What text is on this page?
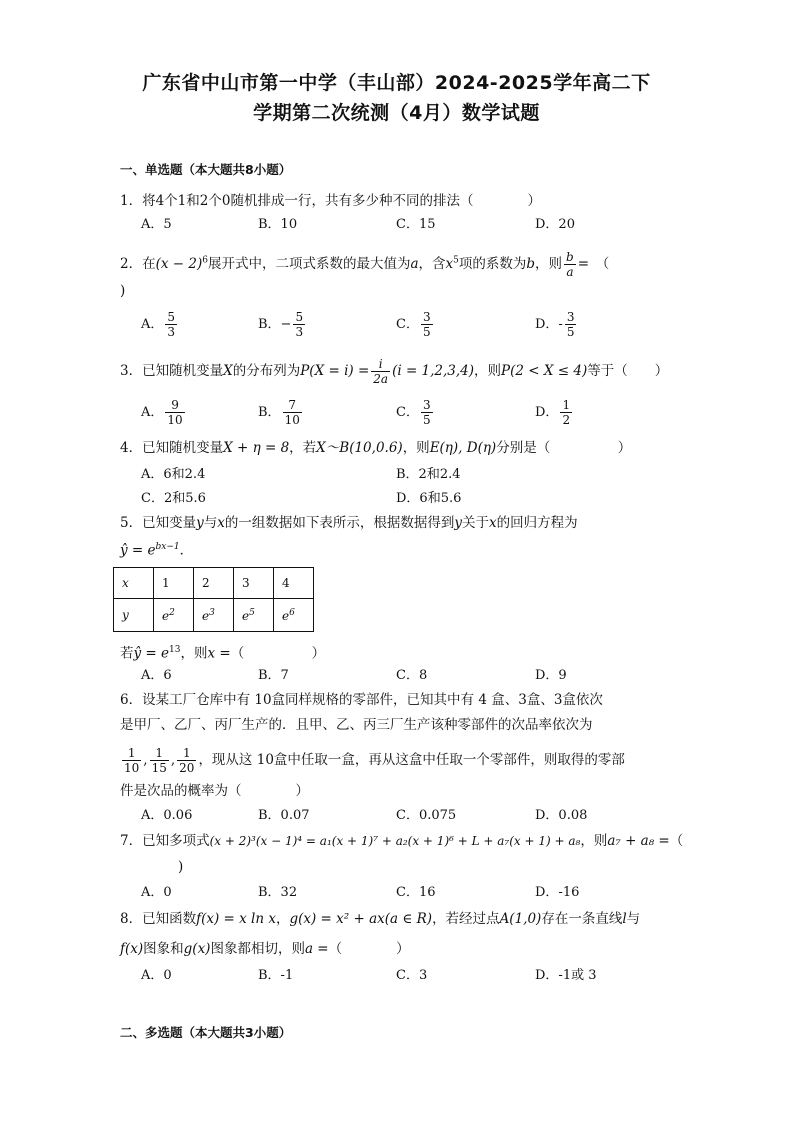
广东省中山市第一中学（丰山部）2024-2025学年高二下
学期第二次统测（4月）数学试题
一、单选题（本大题共8小题）
1．将4个1和2个0随机排成一行，共有多少种不同的排法（　　　　）
A．5	B．10	C．15	D．20
2．在$(x - 2)^6$展开式中，二项式系数的最大值为a，含$x^5$项的系数为b，则 $\frac{b}{a}$ =　（
)
A． $\frac{5}{3}$	B．− $\frac{5}{3}$	C． $\frac{3}{5}$	D．- $\frac{3}{5}$
3．已知随机变量X的分布列为$P(X = i) = \frac{i}{2a} (i = 1,2,3,4)$，则P(2 < X ≤ 4)等于（　　）
A． $\frac{9}{10}$	B． $\frac{7}{10}$	C． $\frac{3}{5}$	D． $\frac{1}{2}$
4．已知随机变量X + η = 8，若X～B(10,0.6)，则E(η), D(η)分别是（　　　　　）
A．6和2.4	B．2和2.4
C．2和5.6	D．6和5.6
5．已知变量y与x的一组数据如下表所示，根据数据得到y关于x的回归方程为
ŷ = $e^{bx-1}$．
x	1	2	3	4
y	$e^2$	$e^3$	$e^5$	$e^6$
若ŷ = $e^{13}$，则x =（　　　　　）
A．6	B．7	C．8	D．9
6．设某工厂仓库中有 10盒同样规格的零部件，已知其中有 4 盒、3盒、3盒依次
是甲厂、乙厂、丙厂生产的．且甲、乙、丙三厂生产该种零部件的次品率依次为
$\frac{1}{10}$ , $\frac{1}{15}$ , $\frac{1}{20}$ ，现从这 10盒中任取一盒，再从这盒中任取一个零部件，则取得的零部
件是次品的概率为（　　　　）
A．0.06	B．0.07	C．0.075	D．0.08
7．已知多项式(x + 2)³(x − 1)⁴ = a₁(x + 1)⁷ + a₂(x + 1)⁶ + L + a₇(x + 1) + a₈，则a₇ + a₈ =（
)
A．0	B．32	C．16	D．-16
8．已知函数f(x) = x ln x，g(x) = x² + ax(a ∈ R)，若经过点A(1,0)存在一条直线l与
f(x)图象和g(x)图象都相切，则a =（　　　　）
A．0	B．-1	C．3	D．-1或 3
二、多选题（本大题共3小题）
